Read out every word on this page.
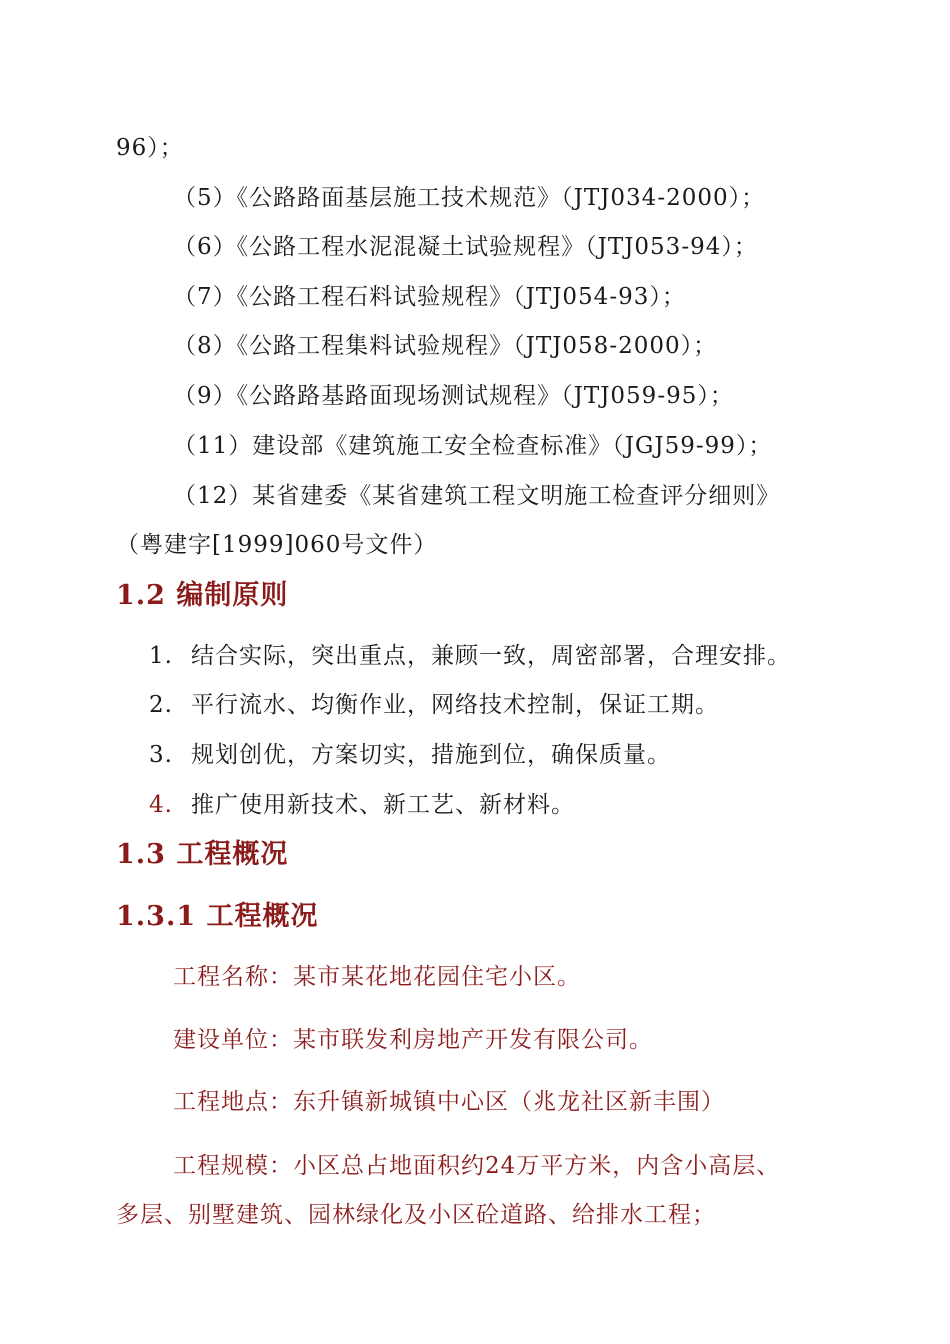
96）；
（5）《公路路面基层施工技术规范》（JTJ034-2000）；
（6）《公路工程水泥混凝土试验规程》（JTJ053-94）；
（7）《公路工程石料试验规程》（JTJ054-93）；
（8）《公路工程集料试验规程》（JTJ058-2000）；
（9）《公路路基路面现场测试规程》（JTJ059-95）；
（11）建设部《建筑施工安全检查标准》（JGJ59-99）；
（12）某省建委《某省建筑工程文明施工检查评分细则》
（粤建字[1999]060号文件）
1.2 编制原则
1. 结合实际，突出重点，兼顾一致，周密部署，合理安排。
2. 平行流水、均衡作业，网络技术控制，保证工期。
3. 规划创优，方案切实，措施到位，确保质量。
4. 推广使用新技术、新工艺、新材料。
1.3 工程概况
1.3.1 工程概况
工程名称：某市某花地花园住宅小区。
建设单位：某市联发利房地产开发有限公司。
工程地点：东升镇新城镇中心区（兆龙社区新丰围）
工程规模：小区总占地面积约24万平方米，内含小高层、
多层、别墅建筑、园林绿化及小区砼道路、给排水工程；
